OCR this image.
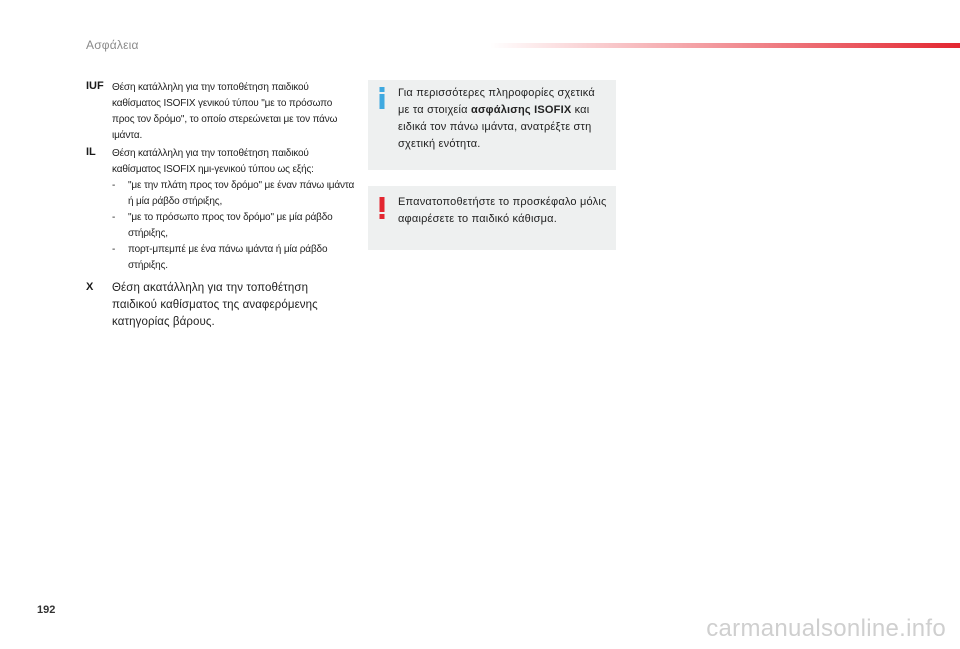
Ασφάλεια
IUF Θέση κατάλληλη για την τοποθέτηση παιδικού καθίσματος ISOFIX γενικού τύπου "με το πρόσωπο προς τον δρόμο", το οποίο στερεώνεται με τον πάνω ιμάντα.
IL Θέση κατάλληλη για την τοποθέτηση παιδικού καθίσματος ISOFIX ημι-γενικού τύπου ως εξής:
- "με την πλάτη προς τον δρόμο" με έναν πάνω ιμάντα ή μία ράβδο στήριξης,
- "με το πρόσωπο προς τον δρόμο" με μία ράβδο στήριξης,
- πορτ-μπεμπέ με ένα πάνω ιμάντα ή μία ράβδο στήριξης.
X Θέση ακατάλληλη για την τοποθέτηση παιδικού καθίσματος της αναφερόμενης κατηγορίας βάρους.
Για περισσότερες πληροφορίες σχετικά με τα στοιχεία ασφάλισης ISOFIX και ειδικά τον πάνω ιμάντα, ανατρέξτε στη σχετική ενότητα.
Επανατοποθετήστε το προσκέφαλο μόλις αφαιρέσετε το παιδικό κάθισμα.
192
carmanualsonline.info
